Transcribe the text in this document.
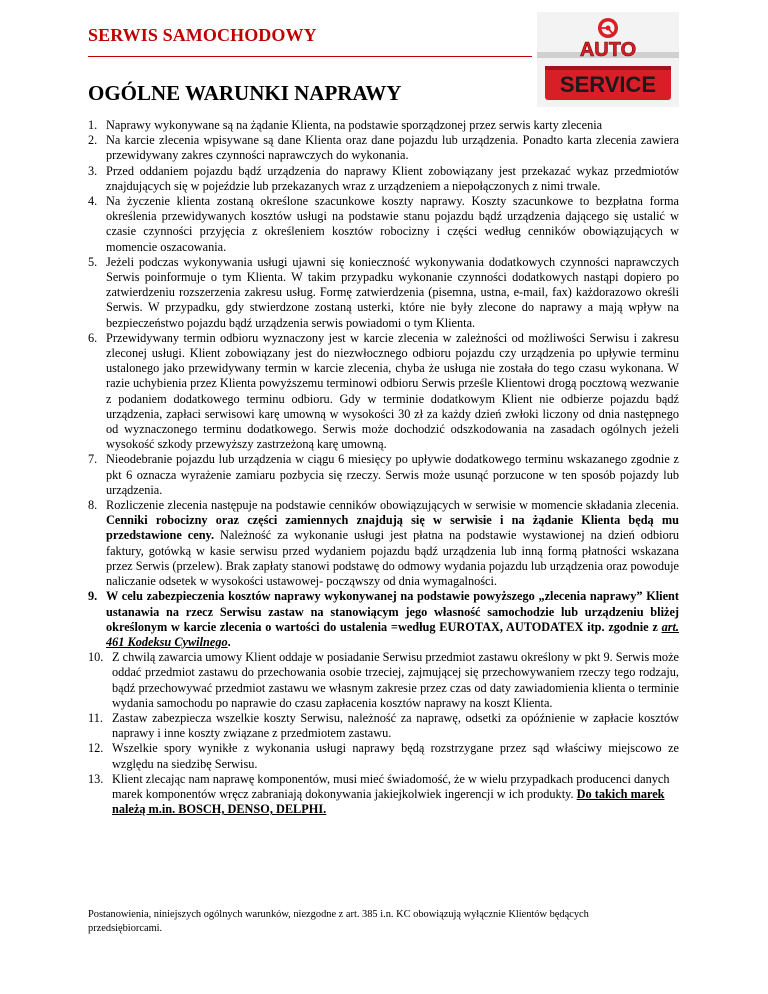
SERWIS SAMOCHODOWY
AUTO
SERVICE
OGÓLNE WARUNKI NAPRAWY
1. Naprawy wykonywane są na żądanie Klienta, na podstawie sporządzonej przez serwis karty zlecenia
2. Na karcie zlecenia wpisywane są dane Klienta oraz dane pojazdu lub urządzenia. Ponadto karta zlecenia zawiera przewidywany zakres czynności naprawczych do wykonania.
3. Przed oddaniem pojazdu bądź urządzenia do naprawy Klient zobowiązany jest przekazać wykaz przedmiotów znajdujących się w pojeździe lub przekazanych wraz z urządzeniem a niepołączonych z nimi trwale.
4. Na życzenie klienta zostaną określone szacunkowe koszty naprawy. Koszty szacunkowe to bezpłatna forma określenia przewidywanych kosztów usługi na podstawie stanu pojazdu bądź urządzenia dającego się ustalić w czasie czynności przyjęcia z określeniem kosztów robocizny i części według cenników obowiązujących w momencie oszacowania.
5. Jeżeli podczas wykonywania usługi ujawni się konieczność wykonywania dodatkowych czynności naprawczych Serwis poinformuje o tym Klienta. W takim przypadku wykonanie czynności dodatkowych nastąpi dopiero po zatwierdzeniu rozszerzenia zakresu usług. Formę zatwierdzenia (pisemna, ustna, e-mail, fax) każdorazowo określi Serwis. W przypadku, gdy stwierdzone zostaną usterki, które nie były zlecone do naprawy a mają wpływ na bezpieczeństwo pojazdu bądź urządzenia serwis powiadomi o tym Klienta.
6. Przewidywany termin odbioru wyznaczony jest w karcie zlecenia w zależności od możliwości Serwisu i zakresu zleconej usługi. Klient zobowiązany jest do niezwłocznego odbioru pojazdu czy urządzenia po upływie terminu ustalonego jako przewidywany termin w karcie zlecenia, chyba że usługa nie została do tego czasu wykonana. W razie uchybienia przez Klienta powyższemu terminowi odbioru Serwis prześle Klientowi drogą pocztową wezwanie z podaniem dodatkowego terminu odbioru. Gdy w terminie dodatkowym Klient nie odbierze pojazdu bądź urządzenia, zapłaci serwisowi karę umowną w wysokości 30 zł za każdy dzień zwłoki liczony od dnia następnego od wyznaczonego terminu dodatkowego. Serwis może dochodzić odszkodowania na zasadach ogólnych jeżeli wysokość szkody przewyższy zastrzeżoną karę umowną.
7. Nieodebranie pojazdu lub urządzenia w ciągu 6 miesięcy po upływie dodatkowego terminu wskazanego zgodnie z pkt 6 oznacza wyrażenie zamiaru pozbycia się rzeczy. Serwis może usunąć porzucone w ten sposób pojazdy lub urządzenia.
8. Rozliczenie zlecenia następuje na podstawie cenników obowiązujących w serwisie w momencie składania zlecenia. Cenniki robocizny oraz części zamiennych znajdują się w serwisie i na żądanie Klienta będą mu przedstawione ceny. Należność za wykonanie usługi jest płatna na podstawie wystawionej na dzień odbioru faktury, gotówką w kasie serwisu przed wydaniem pojazdu bądź urządzenia lub inną formą płatności wskazana przez Serwis (przelew). Brak zapłaty stanowi podstawę do odmowy wydania pojazdu lub urządzenia oraz powoduje naliczanie odsetek w wysokości ustawowej- począwszy od dnia wymagalności.
9. W celu zabezpieczenia kosztów naprawy wykonywanej na podstawie powyższego „zlecenia naprawy” Klient ustanawia na rzecz Serwisu zastaw na stanowiącym jego własność samochodzie lub urządzeniu bliżej określonym w karcie zlecenia o wartości do ustalenia =według EUROTAX, AUTODATEX itp. zgodnie z art. 461 Kodeksu Cywilnego.
10. Z chwilą zawarcia umowy Klient oddaje w posiadanie Serwisu przedmiot zastawu określony w pkt 9. Serwis może oddać przedmiot zastawu do przechowania osobie trzeciej, zajmującej się przechowywaniem rzeczy tego rodzaju, bądź przechowywać przedmiot zastawu we własnym zakresie przez czas od daty zawiadomienia klienta o terminie wydania samochodu po naprawie do czasu zapłacenia kosztów naprawy na koszt Klienta.
11. Zastaw zabezpiecza wszelkie koszty Serwisu, należność za naprawę, odsetki za opóźnienie w zapłacie kosztów naprawy i inne koszty związane z przedmiotem zastawu.
12. Wszelkie spory wynikłe z wykonania usługi naprawy będą rozstrzygane przez sąd właściwy miejscowo ze względu na siedzibę Serwisu.
13. Klient zlecając nam naprawę komponentów, musi mieć świadomość, że w wielu przypadkach producenci danych marek komponentów wręcz zabraniają dokonywania jakiejkolwiek ingerencji w ich produkty. Do takich marek należą m.in. BOSCH, DENSO, DELPHI.
Postanowienia, niniejszych ogólnych warunków, niezgodne z art. 385 i.n. KC obowiązują wyłącznie Klientów będących przedsiębiorcami.
